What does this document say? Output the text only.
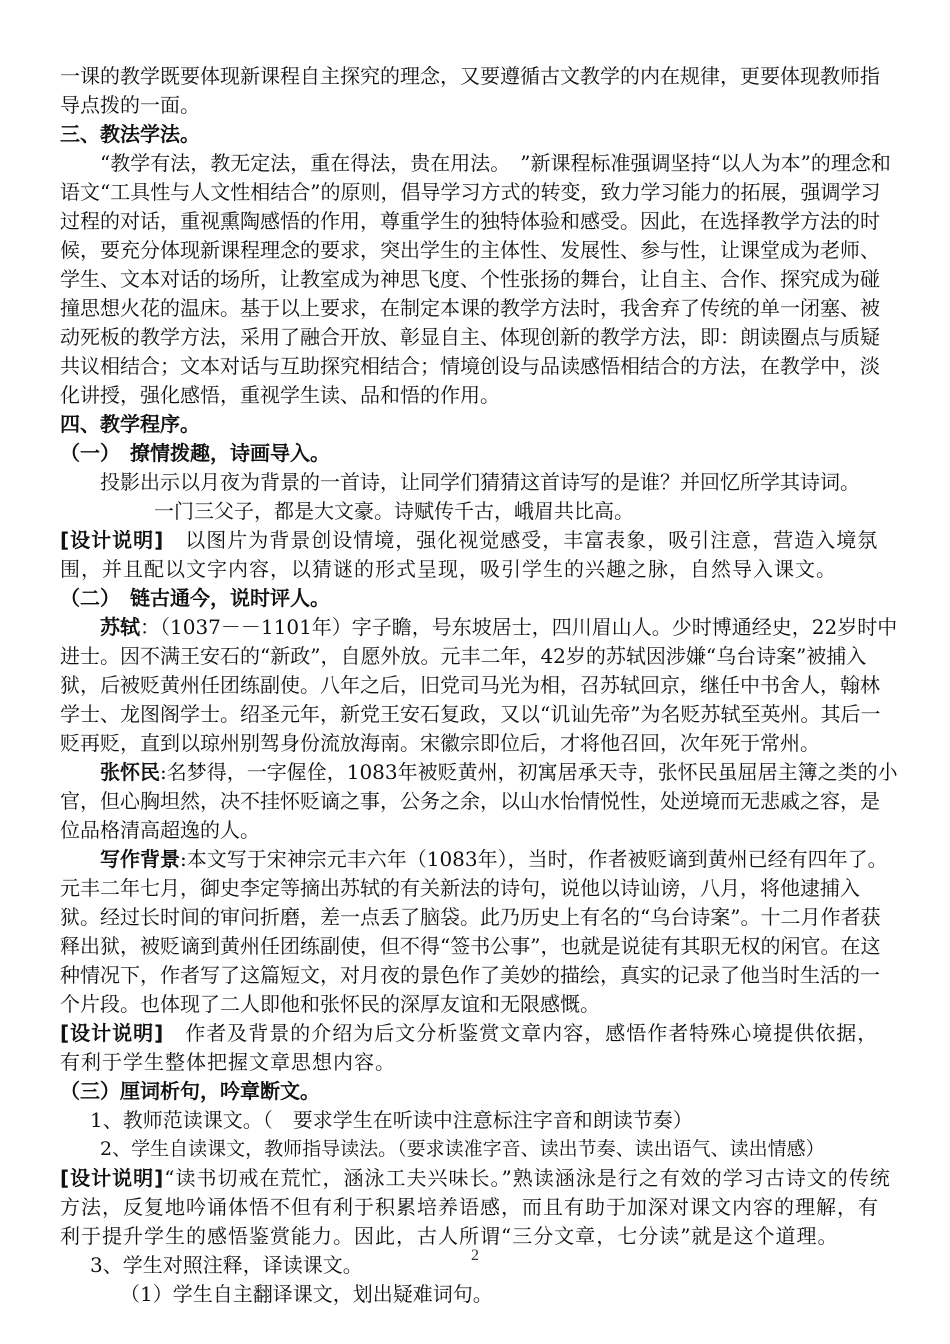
一课的教学既要体现新课程自主探究的理念，又要遵循古文教学的内在规律，更要体现教师指导点拨的一面。

三、教法学法。

“教学有法，教无定法，重在得法，贵在用法。　”新课程标准强调坚持“以人为本”的理念和语文“工具性与人文性相结合”的原则，倡导学习方式的转变，致力学习能力的拓展，强调学习过程的对话，重视熏陶感悟的作用，尊重学生的独特体验和感受。因此，在选择教学方法的时候，要充分体现新课程理念的要求，突出学生的主体性、发展性、参与性，让课堂成为老师、学生、文本对话的场所，让教室成为神思飞度、个性张扬的舞台，让自主、合作、探究成为碰撞思想火花的温床。基于以上要求，在制定本课的教学方法时，我舍弃了传统的单一闭塞、被动死板的教学方法，采用了融合开放、彰显自主、体现创新的教学方法，即：朗读圈点与质疑共议相结合；文本对话与互助探究相结合；情境创设与品读感悟相结合的方法，在教学中，淡化讲授，强化感悟，重视学生读、品和悟的作用。

四、教学程序。

（一）　撩情拨趣，诗画导入。

投影出示以月夜为背景的一首诗，让同学们猜猜这首诗写的是谁？并回忆所学其诗词。

一门三父子，都是大文豪。诗赋传千古，峨眉共比高。

[设计说明]　以图片为背景创设情境，强化视觉感受，丰富表象，吸引注意，营造入境氛围，并且配以文字内容，以猜谜的形式呈现，吸引学生的兴趣之脉，自然导入课文。

（二）　链古通今，说时评人。

苏轼：（1037－－1101年）字子瞻，号东坡居士，四川眉山人。少时博通经史，22岁时中进士。因不满王安石的“新政”，自愿外放。元丰二年，42岁的苏轼因涉嫌“乌台诗案”被捕入狱，后被贬黄州任团练副使。八年之后，旧党司马光为相，召苏轼回京，继任中书舍人，翰林学士、龙图阁学士。绍圣元年，新党王安石复政，又以“讥讪先帝”为名贬苏轼至英州。其后一贬再贬，直到以琼州别驾身份流放海南。宋徽宗即位后，才将他召回，次年死于常州。

张怀民:名梦得，一字偓佺，1083年被贬黄州，初寓居承天寺，张怀民虽屈居主簿之类的小官，但心胸坦然，决不挂怀贬谪之事，公务之余，以山水怡情悦性，处逆境而无悲戚之容，是位品格清高超逸的人。

写作背景:本文写于宋神宗元丰六年（1083年），当时，作者被贬谪到黄州已经有四年了。元丰二年七月，御史李定等摘出苏轼的有关新法的诗句，说他以诗讪谤，八月，将他逮捕入狱。经过长时间的审问折磨，差一点丢了脑袋。此乃历史上有名的“乌台诗案”。十二月作者获释出狱，被贬谪到黄州任团练副使，但不得“签书公事”，也就是说徒有其职无权的闲官。在这种情况下，作者写了这篇短文，对月夜的景色作了美妙的描绘，真实的记录了他当时生活的一个片段。也体现了二人即他和张怀民的深厚友谊和无限感慨。

[设计说明]　作者及背景的介绍为后文分析鉴赏文章内容，感悟作者特殊心境提供依据，有利于学生整体把握文章思想内容。

（三）厘词析句，吟章断文。

1、教师范读课文。（　要求学生在听读中注意标注字音和朗读节奏）

2、学生自读课文，教师指导读法。（要求读准字音、读出节奏、读出语气、读出情感）

[设计说明]“读书切戒在荒忙，涵泳工夫兴味长。”熟读涵泳是行之有效的学习古诗文的传统方法，反复地吟诵体悟不但有利于积累培养语感，而且有助于加深对课文内容的理解，有利于提升学生的感悟鉴赏能力。因此，古人所谓“三分文章，七分读”就是这个道理。

3、学生对照注释，译读课文。

（1）学生自主翻译课文，划出疑难词句。

2
